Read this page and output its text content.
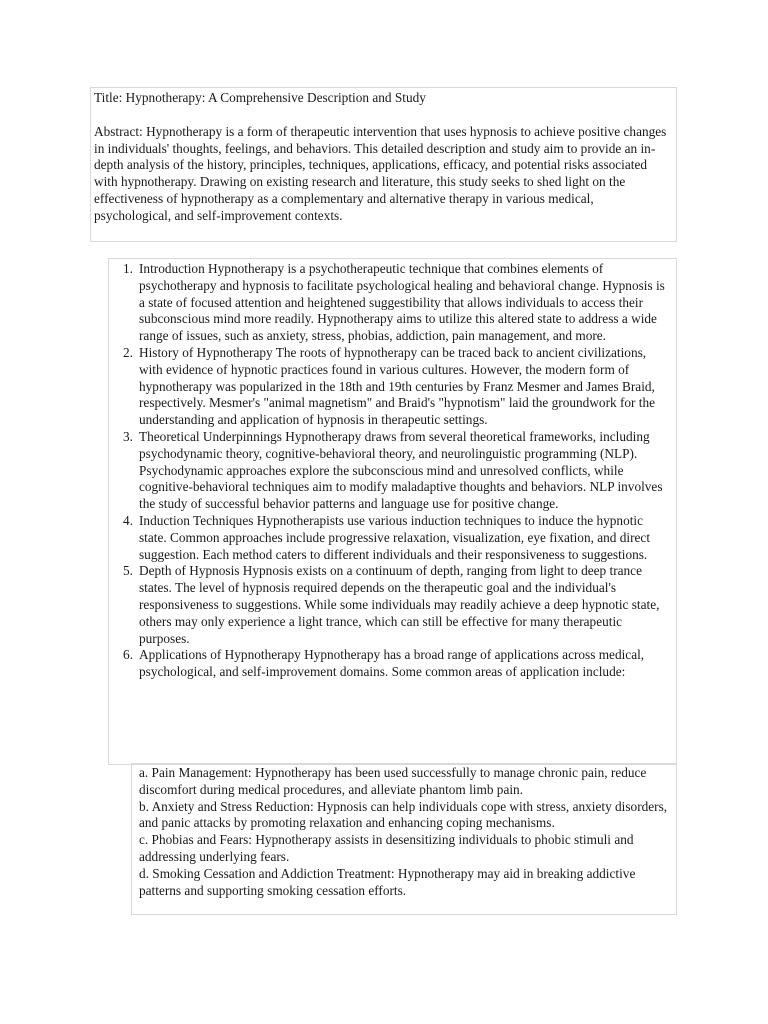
Title: Hypnotherapy: A Comprehensive Description and Study

Abstract: Hypnotherapy is a form of therapeutic intervention that uses hypnosis to achieve positive changes in individuals' thoughts, feelings, and behaviors. This detailed description and study aim to provide an in-depth analysis of the history, principles, techniques, applications, efficacy, and potential risks associated with hypnotherapy. Drawing on existing research and literature, this study seeks to shed light on the effectiveness of hypnotherapy as a complementary and alternative therapy in various medical, psychological, and self-improvement contexts.

1. Introduction Hypnotherapy is a psychotherapeutic technique that combines elements of psychotherapy and hypnosis to facilitate psychological healing and behavioral change. Hypnosis is a state of focused attention and heightened suggestibility that allows individuals to access their subconscious mind more readily. Hypnotherapy aims to utilize this altered state to address a wide range of issues, such as anxiety, stress, phobias, addiction, pain management, and more.
2. History of Hypnotherapy The roots of hypnotherapy can be traced back to ancient civilizations, with evidence of hypnotic practices found in various cultures. However, the modern form of hypnotherapy was popularized in the 18th and 19th centuries by Franz Mesmer and James Braid, respectively. Mesmer's "animal magnetism" and Braid's "hypnotism" laid the groundwork for the understanding and application of hypnosis in therapeutic settings.
3. Theoretical Underpinnings Hypnotherapy draws from several theoretical frameworks, including psychodynamic theory, cognitive-behavioral theory, and neurolinguistic programming (NLP). Psychodynamic approaches explore the subconscious mind and unresolved conflicts, while cognitive-behavioral techniques aim to modify maladaptive thoughts and behaviors. NLP involves the study of successful behavior patterns and language use for positive change.
4. Induction Techniques Hypnotherapists use various induction techniques to induce the hypnotic state. Common approaches include progressive relaxation, visualization, eye fixation, and direct suggestion. Each method caters to different individuals and their responsiveness to suggestions.
5. Depth of Hypnosis Hypnosis exists on a continuum of depth, ranging from light to deep trance states. The level of hypnosis required depends on the therapeutic goal and the individual's responsiveness to suggestions. While some individuals may readily achieve a deep hypnotic state, others may only experience a light trance, which can still be effective for many therapeutic purposes.
6. Applications of Hypnotherapy Hypnotherapy has a broad range of applications across medical, psychological, and self-improvement domains. Some common areas of application include:

a. Pain Management: Hypnotherapy has been used successfully to manage chronic pain, reduce discomfort during medical procedures, and alleviate phantom limb pain.

b. Anxiety and Stress Reduction: Hypnosis can help individuals cope with stress, anxiety disorders, and panic attacks by promoting relaxation and enhancing coping mechanisms.

c. Phobias and Fears: Hypnotherapy assists in desensitizing individuals to phobic stimuli and addressing underlying fears.

d. Smoking Cessation and Addiction Treatment: Hypnotherapy may aid in breaking addictive patterns and supporting smoking cessation efforts.
